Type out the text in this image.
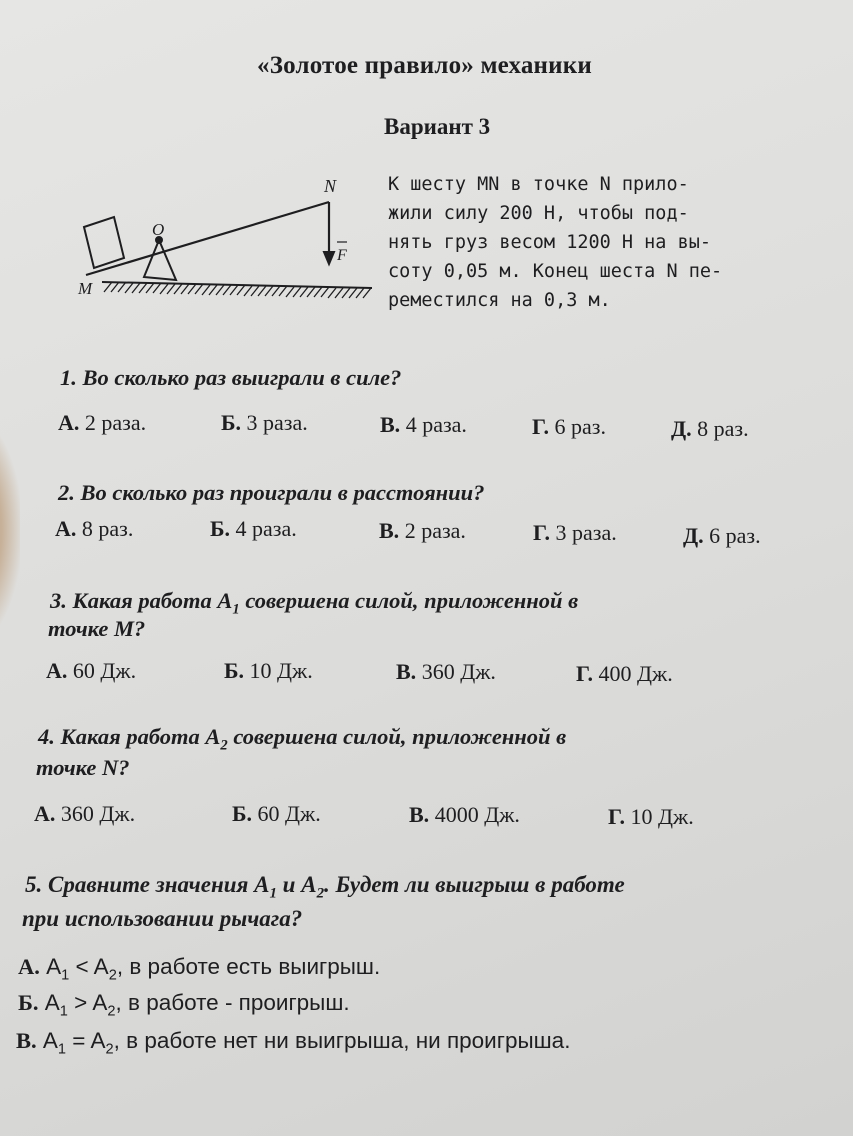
«Золотое правило» механики
Вариант 3
N
O
M
F
К шесту MN в точке N прило-
жили силу 200 Н, чтобы под-
нять груз весом 1200 Н на вы-
соту 0,05 м. Конец шеста N пе-
реместился на 0,3 м.
1. Во сколько раз выиграли в силе?
А. 2 раза.	Б. 3 раза.	В. 4 раза.	Г. 6 раз.	Д. 8 раз.
2. Во сколько раз проиграли в расстоянии?
А. 8 раз.	Б. 4 раза.	В. 2 раза.	Г. 3 раза.	Д. 6 раз.
3. Какая работа $A_1$ совершена силой, приложенной в
точке M?
А. 60 Дж.	Б. 10 Дж.	В. 360 Дж.	Г. 400 Дж.
4. Какая работа $A_2$ совершена силой, приложенной в
точке N?
А. 360 Дж.	Б. 60 Дж.	В. 4000 Дж.	Г. 10 Дж.
5. Сравните значения $A_1$ и $A_2$. Будет ли выигрыш в работе
при использовании рычага?
А. $A_1 < A_2$, в работе есть выигрыш.
Б. $A_1 > A_2$, в работе - проигрыш.
В. $A_1 = A_2$, в работе нет ни выигрыша, ни проигрыша.
